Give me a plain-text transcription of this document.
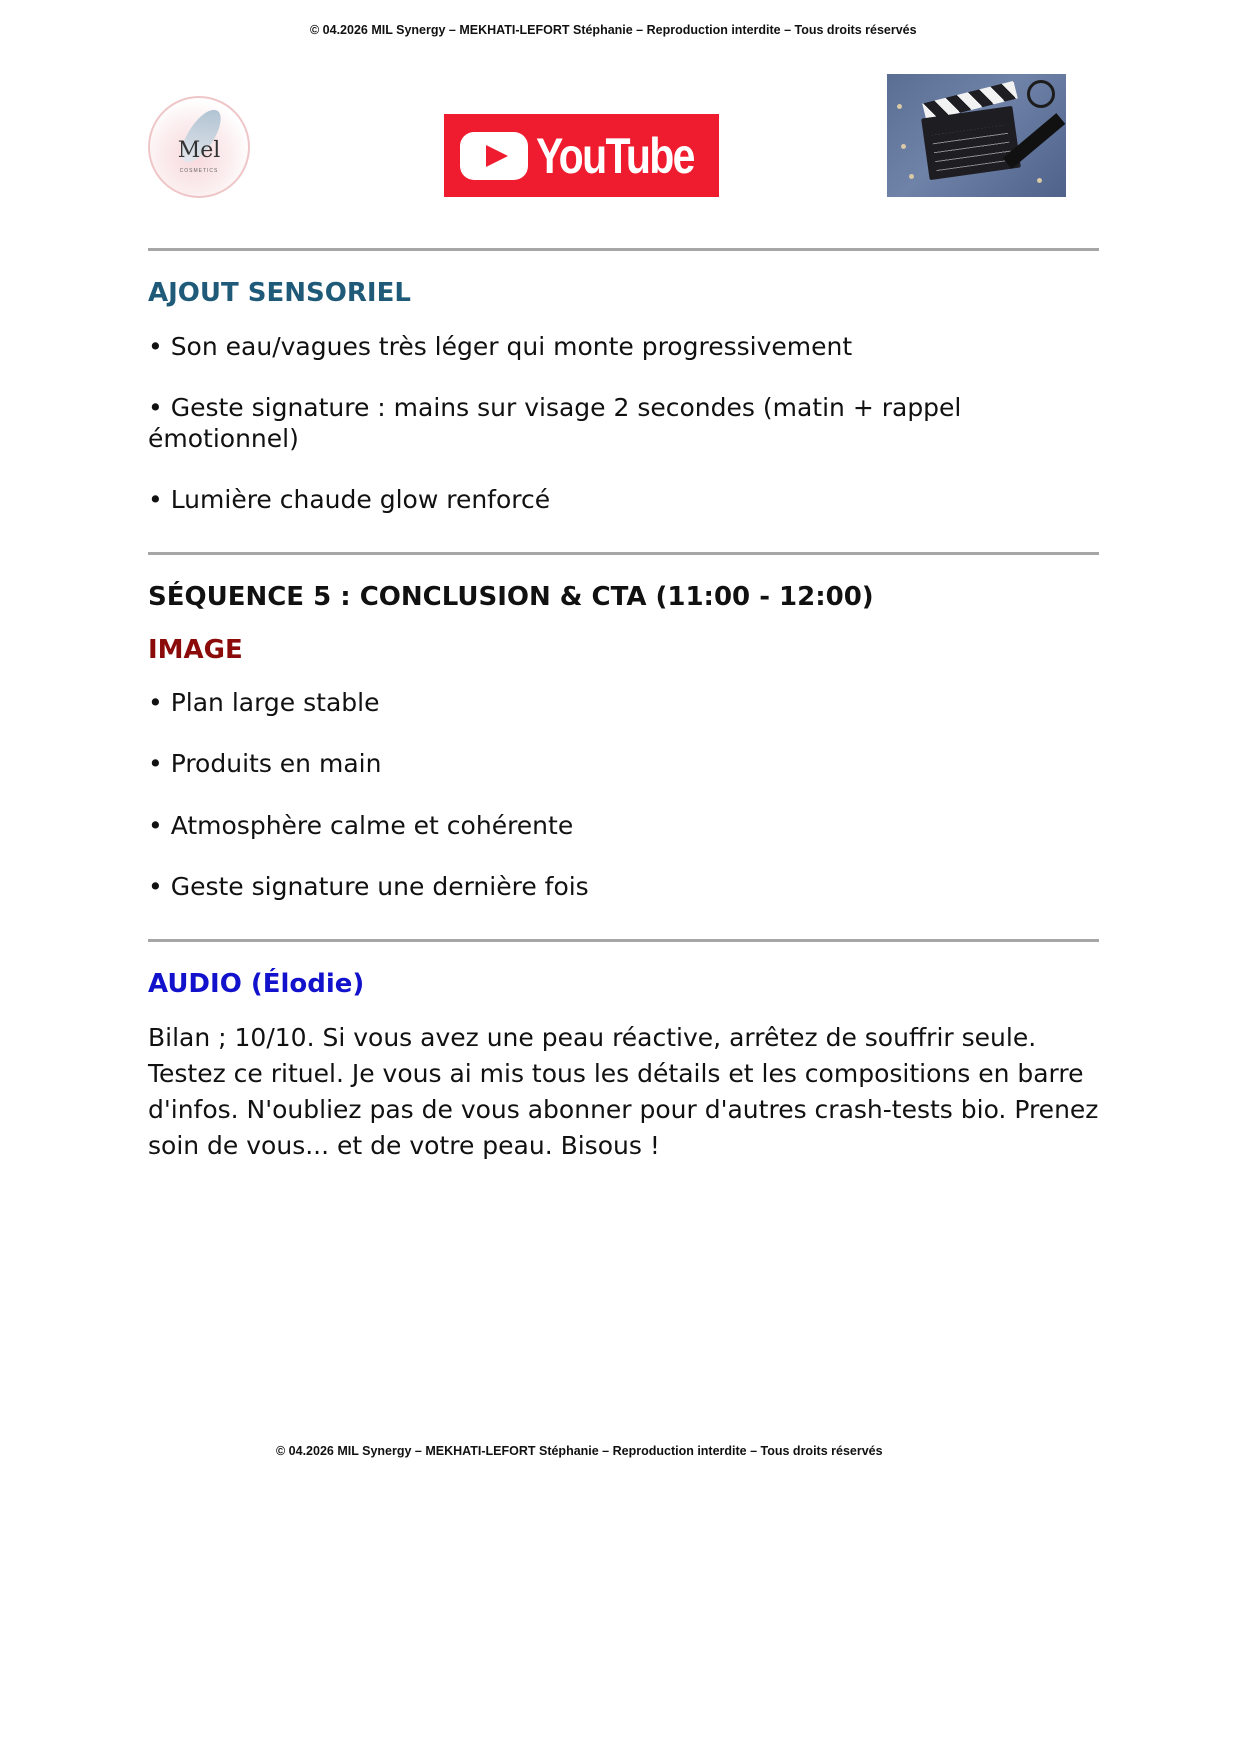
© 04.2026 MIL Synergy – MEKHATI-LEFORT Stéphanie – Reproduction interdite – Tous droits réservés
Mel
COSMETICS	YouTube
AJOUT SENSORIEL
• Son eau/vagues très léger qui monte progressivement
• Geste signature : mains sur visage 2 secondes (matin + rappel émotionnel)
• Lumière chaude glow renforcé
SÉQUENCE 5 : CONCLUSION & CTA (11:00 - 12:00)
IMAGE
• Plan large stable
• Produits en main
• Atmosphère calme et cohérente
• Geste signature une dernière fois
AUDIO (Élodie)
Bilan ; 10/10. Si vous avez une peau réactive, arrêtez de souffrir seule. Testez ce rituel. Je vous ai mis tous les détails et les compositions en barre d'infos. N'oubliez pas de vous abonner pour d'autres crash-tests bio. Prenez soin de vous... et de votre peau. Bisous !
© 04.2026 MIL Synergy – MEKHATI-LEFORT Stéphanie – Reproduction interdite – Tous droits réservés
